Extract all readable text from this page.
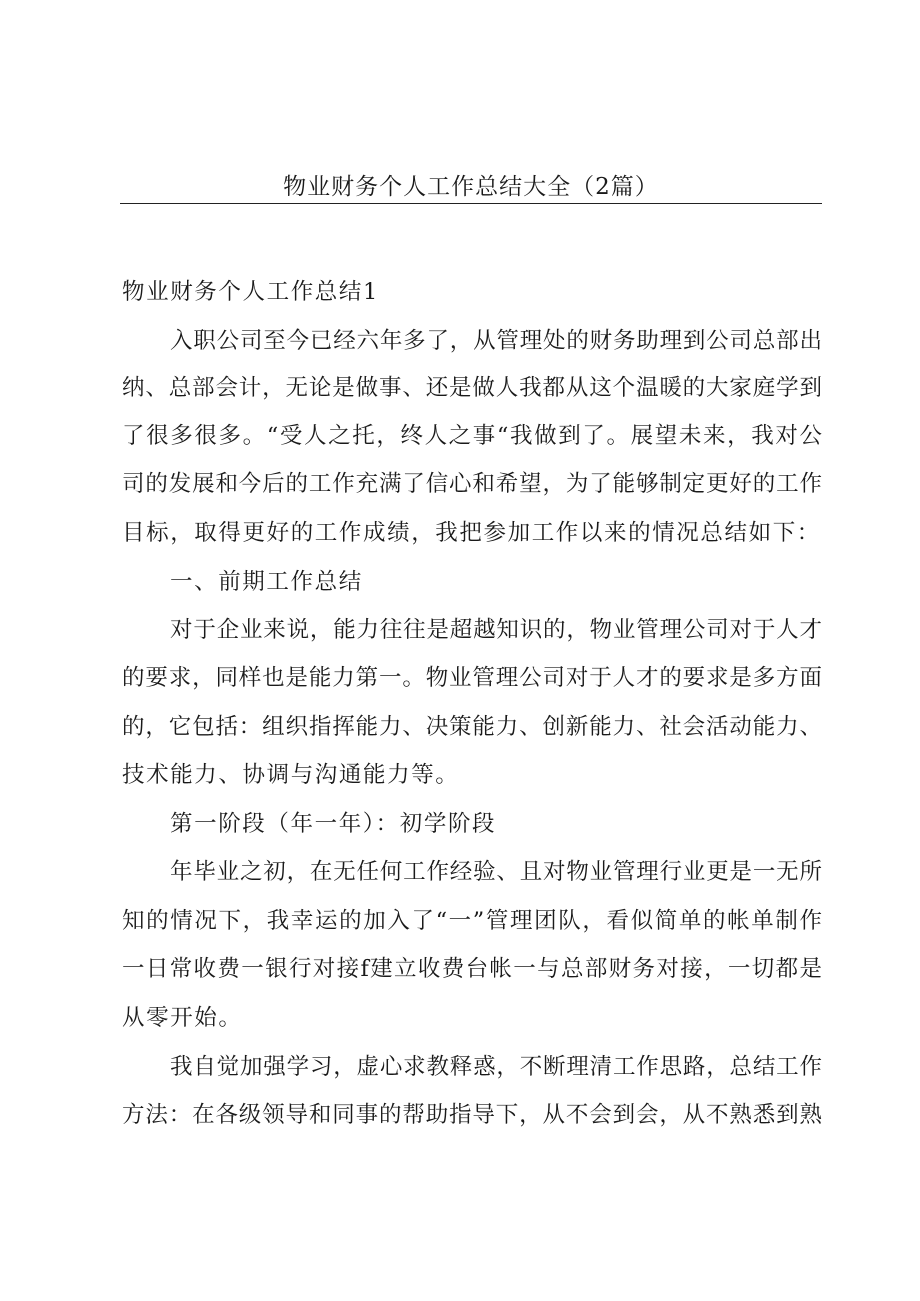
物业财务个人工作总结大全（2篇）
物业财务个人工作总结1
入职公司至今已经六年多了，从管理处的财务助理到公司总部出
纳、总部会计，无论是做事、还是做人我都从这个温暖的大家庭学到
了很多很多。“受人之托，终人之事“我做到了。展望未来，我对公
司的发展和今后的工作充满了信心和希望，为了能够制定更好的工作
目标，取得更好的工作成绩，我把参加工作以来的情况总结如下：
一、前期工作总结
对于企业来说，能力往往是超越知识的，物业管理公司对于人才
的要求，同样也是能力第一。物业管理公司对于人才的要求是多方面
的，它包括：组织指挥能力、决策能力、创新能力、社会活动能力、
技术能力、协调与沟通能力等。
第一阶段（年一年）：初学阶段
年毕业之初，在无任何工作经验、且对物业管理行业更是一无所
知的情况下，我幸运的加入了“一”管理团队，看似简单的帐单制作
一日常收费一银行对接f建立收费台帐一与总部财务对接，一切都是
从零开始。
我自觉加强学习，虚心求教释惑，不断理清工作思路，总结工作
方法：在各级领导和同事的帮助指导下，从不会到会，从不熟悉到熟
